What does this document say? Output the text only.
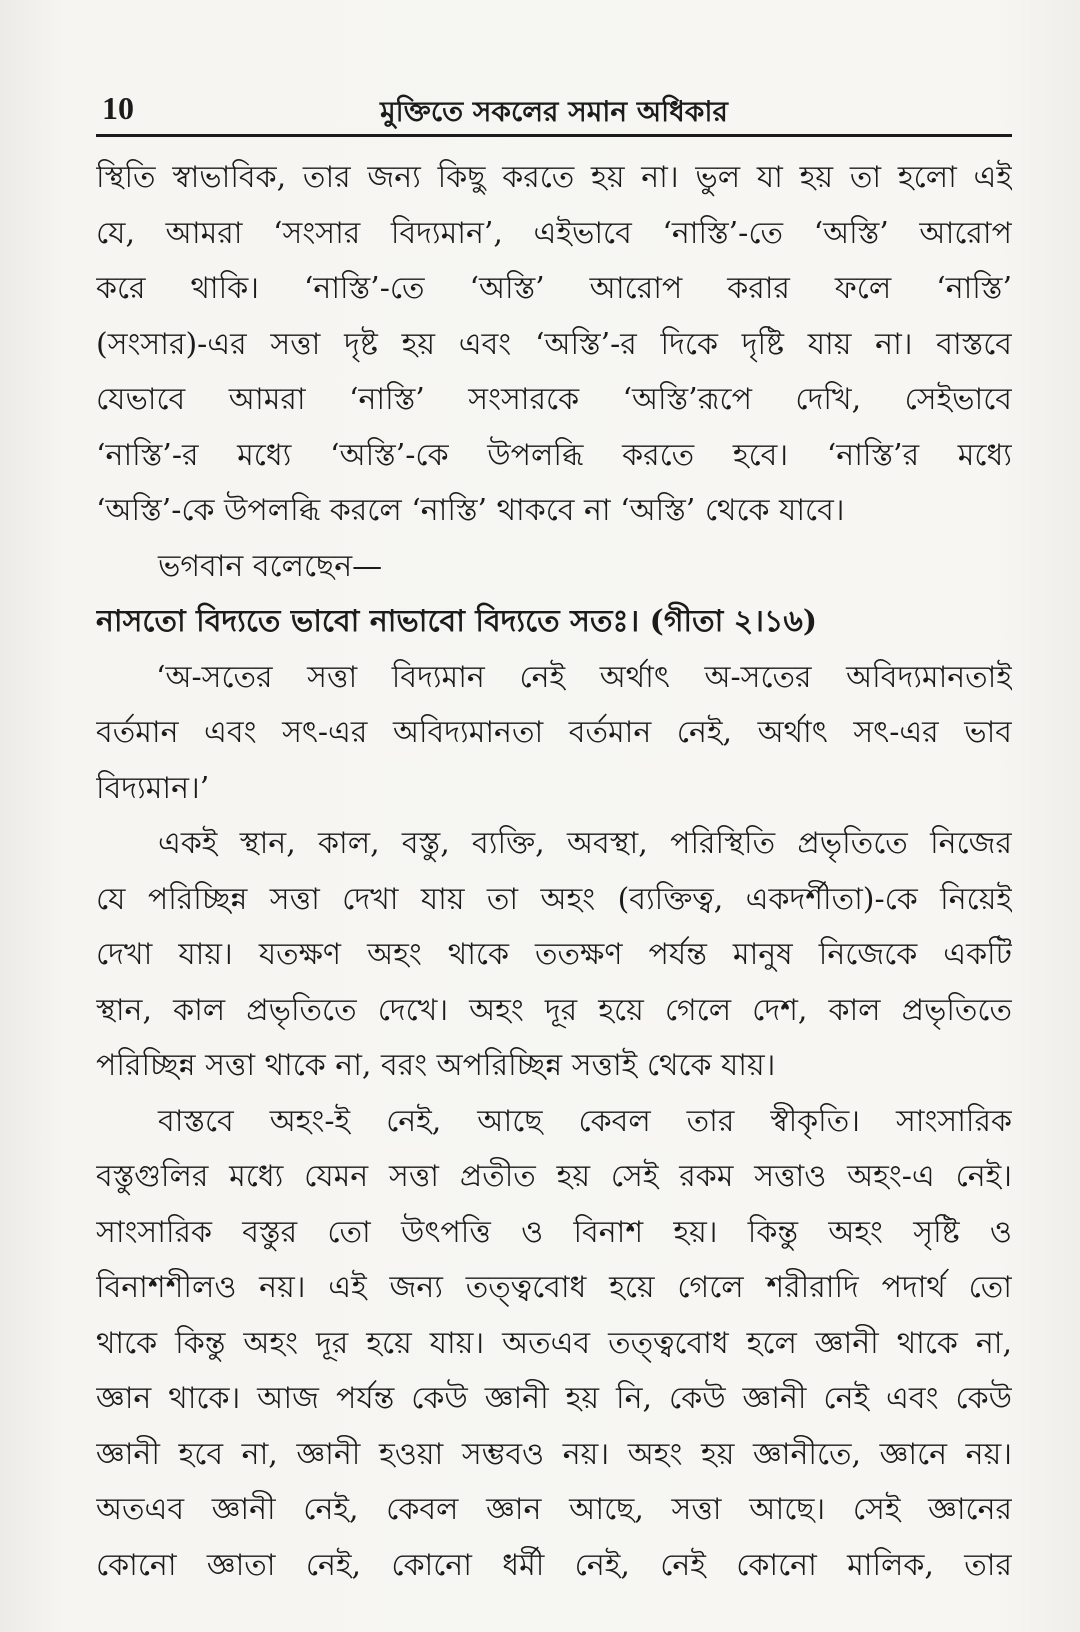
10	মুক্তিতে সকলের সমান অধিকার
স্থিতি স্বাভাবিক, তার জন্য কিছু করতে হয় না। ভুল যা হয় তা হলো এই
যে, আমরা ‘সংসার বিদ্যমান’, এইভাবে ‘নাস্তি’-তে ‘অস্তি’ আরোপ
করে থাকি। ‘নাস্তি’-তে ‘অস্তি’ আরোপ করার ফলে ‘নাস্তি’
(সংসার)-এর সত্তা দৃষ্ট হয় এবং ‘অস্তি’-র দিকে দৃষ্টি যায় না। বাস্তবে
যেভাবে আমরা ‘নাস্তি’ সংসারকে ‘অস্তি’রূপে দেখি, সেইভাবে
‘নাস্তি’-র মধ্যে ‘অস্তি’-কে উপলব্ধি করতে হবে। ‘নাস্তি’র মধ্যে
‘অস্তি’-কে উপলব্ধি করলে ‘নাস্তি’ থাকবে না ‘অস্তি’ থেকে যাবে।
ভগবান বলেছেন—
নাসতো বিদ্যতে ভাবো নাভাবো বিদ্যতে সতঃ। (গীতা ২।১৬)
‘অ-সতের সত্তা বিদ্যমান নেই অর্থাৎ অ-সতের অবিদ্যমানতাই
বর্তমান এবং সৎ-এর অবিদ্যমানতা বর্তমান নেই, অর্থাৎ সৎ-এর ভাব
বিদ্যমান।’
একই স্থান, কাল, বস্তু, ব্যক্তি, অবস্থা, পরিস্থিতি প্রভৃতিতে নিজের
যে পরিচ্ছিন্ন সত্তা দেখা যায় তা অহং (ব্যক্তিত্ব, একদর্শীতা)-কে নিয়েই
দেখা যায়। যতক্ষণ অহং থাকে ততক্ষণ পর্যন্ত মানুষ নিজেকে একটি
স্থান, কাল প্রভৃতিতে দেখে। অহং দূর হয়ে গেলে দেশ, কাল প্রভৃতিতে
পরিচ্ছিন্ন সত্তা থাকে না, বরং অপরিচ্ছিন্ন সত্তাই থেকে যায়।
বাস্তবে অহং-ই নেই, আছে কেবল তার স্বীকৃতি। সাংসারিক
বস্তুগুলির মধ্যে যেমন সত্তা প্রতীত হয় সেই রকম সত্তাও অহং-এ নেই।
সাংসারিক বস্তুর তো উৎপত্তি ও বিনাশ হয়। কিন্তু অহং সৃষ্টি ও
বিনাশশীলও নয়। এই জন্য তত্ত্ববোধ হয়ে গেলে শরীরাদি পদার্থ তো
থাকে কিন্তু অহং দূর হয়ে যায়। অতএব তত্ত্ববোধ হলে জ্ঞানী থাকে না,
জ্ঞান থাকে। আজ পর্যন্ত কেউ জ্ঞানী হয় নি, কেউ জ্ঞানী নেই এবং কেউ
জ্ঞানী হবে না, জ্ঞানী হওয়া সম্ভবও নয়। অহং হয় জ্ঞানীতে, জ্ঞানে নয়।
অতএব জ্ঞানী নেই, কেবল জ্ঞান আছে, সত্তা আছে। সেই জ্ঞানের
কোনো জ্ঞাতা নেই, কোনো ধর্মী নেই, নেই কোনো মালিক, তার
